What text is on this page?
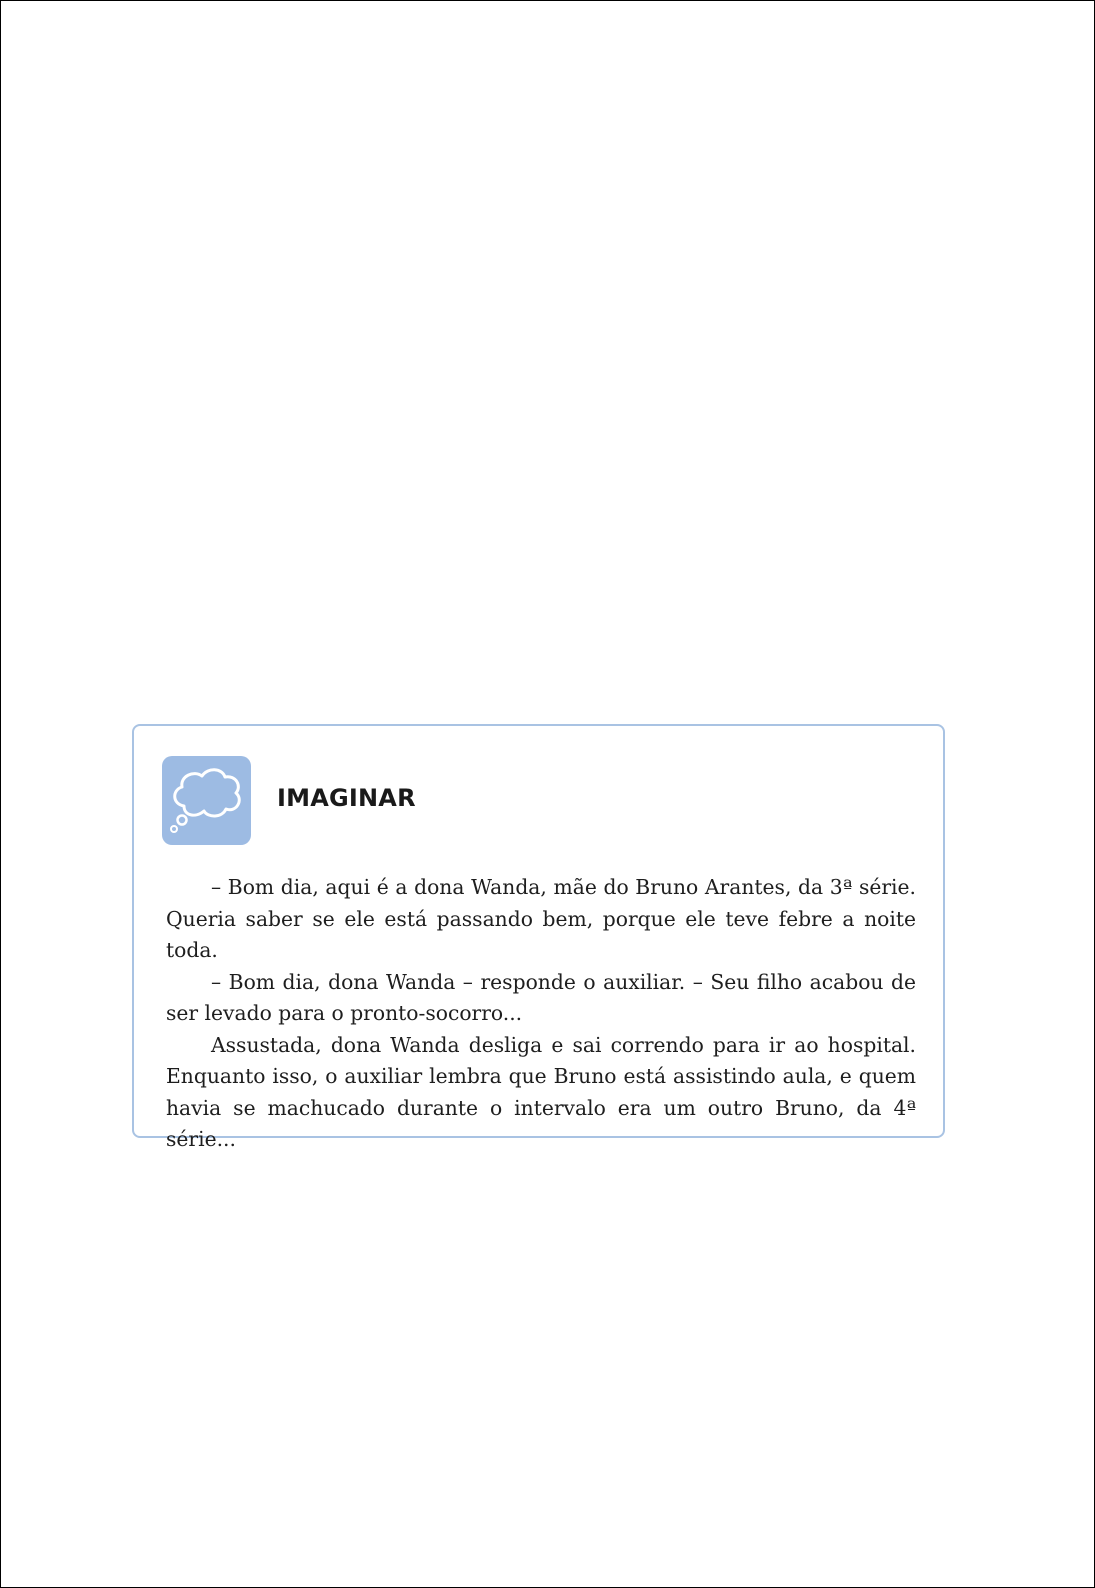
IMAGINAR

– Bom dia, aqui é a dona Wanda, mãe do Bruno Arantes, da 3ª série. Queria saber se ele está passando bem, porque ele teve febre a noite toda.

– Bom dia, dona Wanda – responde o auxiliar. – Seu filho acabou de ser levado para o pronto-socorro...

Assustada, dona Wanda desliga e sai correndo para ir ao hospital. Enquanto isso, o auxiliar lembra que Bruno está assistindo aula, e quem havia se machucado durante o intervalo era um outro Bruno, da 4ª série...
